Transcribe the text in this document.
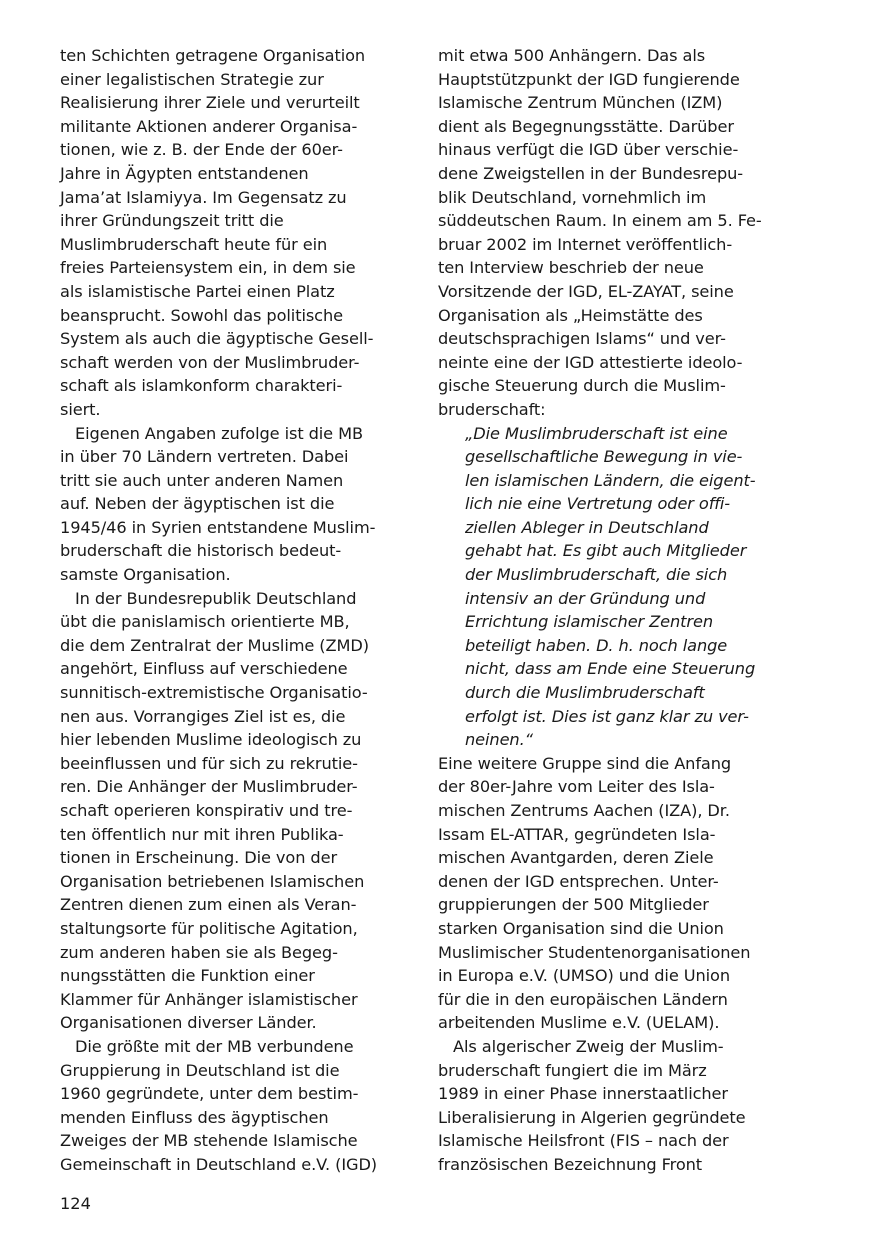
ten Schichten getragene Organisation
einer legalistischen Strategie zur
Realisierung ihrer Ziele und verurteilt
militante Aktionen anderer Organisa-
tionen, wie z. B. der Ende der 60er-
Jahre in Ägypten entstandenen
Jama’at Islamiyya. Im Gegensatz zu
ihrer Gründungszeit tritt die
Muslimbruderschaft heute für ein
freies Parteiensystem ein, in dem sie
als islamistische Partei einen Platz
beansprucht. Sowohl das politische
System als auch die ägyptische Gesell-
schaft werden von der Muslimbruder-
schaft als islamkonform charakteri-
siert.
Eigenen Angaben zufolge ist die MB
in über 70 Ländern vertreten. Dabei
tritt sie auch unter anderen Namen
auf. Neben der ägyptischen ist die
1945/46 in Syrien entstandene Muslim-
bruderschaft die historisch bedeut-
samste Organisation.
In der Bundesrepublik Deutschland
übt die panislamisch orientierte MB,
die dem Zentralrat der Muslime (ZMD)
angehört, Einfluss auf verschiedene
sunnitisch-extremistische Organisatio-
nen aus. Vorrangiges Ziel ist es, die
hier lebenden Muslime ideologisch zu
beeinflussen und für sich zu rekrutie-
ren. Die Anhänger der Muslimbruder-
schaft operieren konspirativ und tre-
ten öffentlich nur mit ihren Publika-
tionen in Erscheinung. Die von der
Organisation betriebenen Islamischen
Zentren dienen zum einen als Veran-
staltungsorte für politische Agitation,
zum anderen haben sie als Begeg-
nungsstätten die Funktion einer
Klammer für Anhänger islamistischer
Organisationen diverser Länder.
Die größte mit der MB verbundene
Gruppierung in Deutschland ist die
1960 gegründete, unter dem bestim-
menden Einfluss des ägyptischen
Zweiges der MB stehende Islamische
Gemeinschaft in Deutschland e.V. (IGD)
mit etwa 500 Anhängern. Das als
Hauptstützpunkt der IGD fungierende
Islamische Zentrum München (IZM)
dient als Begegnungsstätte. Darüber
hinaus verfügt die IGD über verschie-
dene Zweigstellen in der Bundesrepu-
blik Deutschland, vornehmlich im
süddeutschen Raum. In einem am 5. Fe-
bruar 2002 im Internet veröffentlich-
ten Interview beschrieb der neue
Vorsitzende der IGD, EL-ZAYAT, seine
Organisation als „Heimstätte des
deutschsprachigen Islams“ und ver-
neinte eine der IGD attestierte ideolo-
gische Steuerung durch die Muslim-
bruderschaft:
„Die Muslimbruderschaft ist eine
gesellschaftliche Bewegung in vie-
len islamischen Ländern, die eigent-
lich nie eine Vertretung oder offi-
ziellen Ableger in Deutschland
gehabt hat. Es gibt auch Mitglieder
der Muslimbruderschaft, die sich
intensiv an der Gründung und
Errichtung islamischer Zentren
beteiligt haben. D. h. noch lange
nicht, dass am Ende eine Steuerung
durch die Muslimbruderschaft
erfolgt ist. Dies ist ganz klar zu ver-
neinen.“
Eine weitere Gruppe sind die Anfang
der 80er-Jahre vom Leiter des Isla-
mischen Zentrums Aachen (IZA), Dr.
Issam EL-ATTAR, gegründeten Isla-
mischen Avantgarden, deren Ziele
denen der IGD entsprechen. Unter-
gruppierungen der 500 Mitglieder
starken Organisation sind die Union
Muslimischer Studentenorganisationen
in Europa e.V. (UMSO) und die Union
für die in den europäischen Ländern
arbeitenden Muslime e.V. (UELAM).
Als algerischer Zweig der Muslim-
bruderschaft fungiert die im März
1989 in einer Phase innerstaatlicher
Liberalisierung in Algerien gegründete
Islamische Heilsfront (FIS – nach der
französischen Bezeichnung Front
124
